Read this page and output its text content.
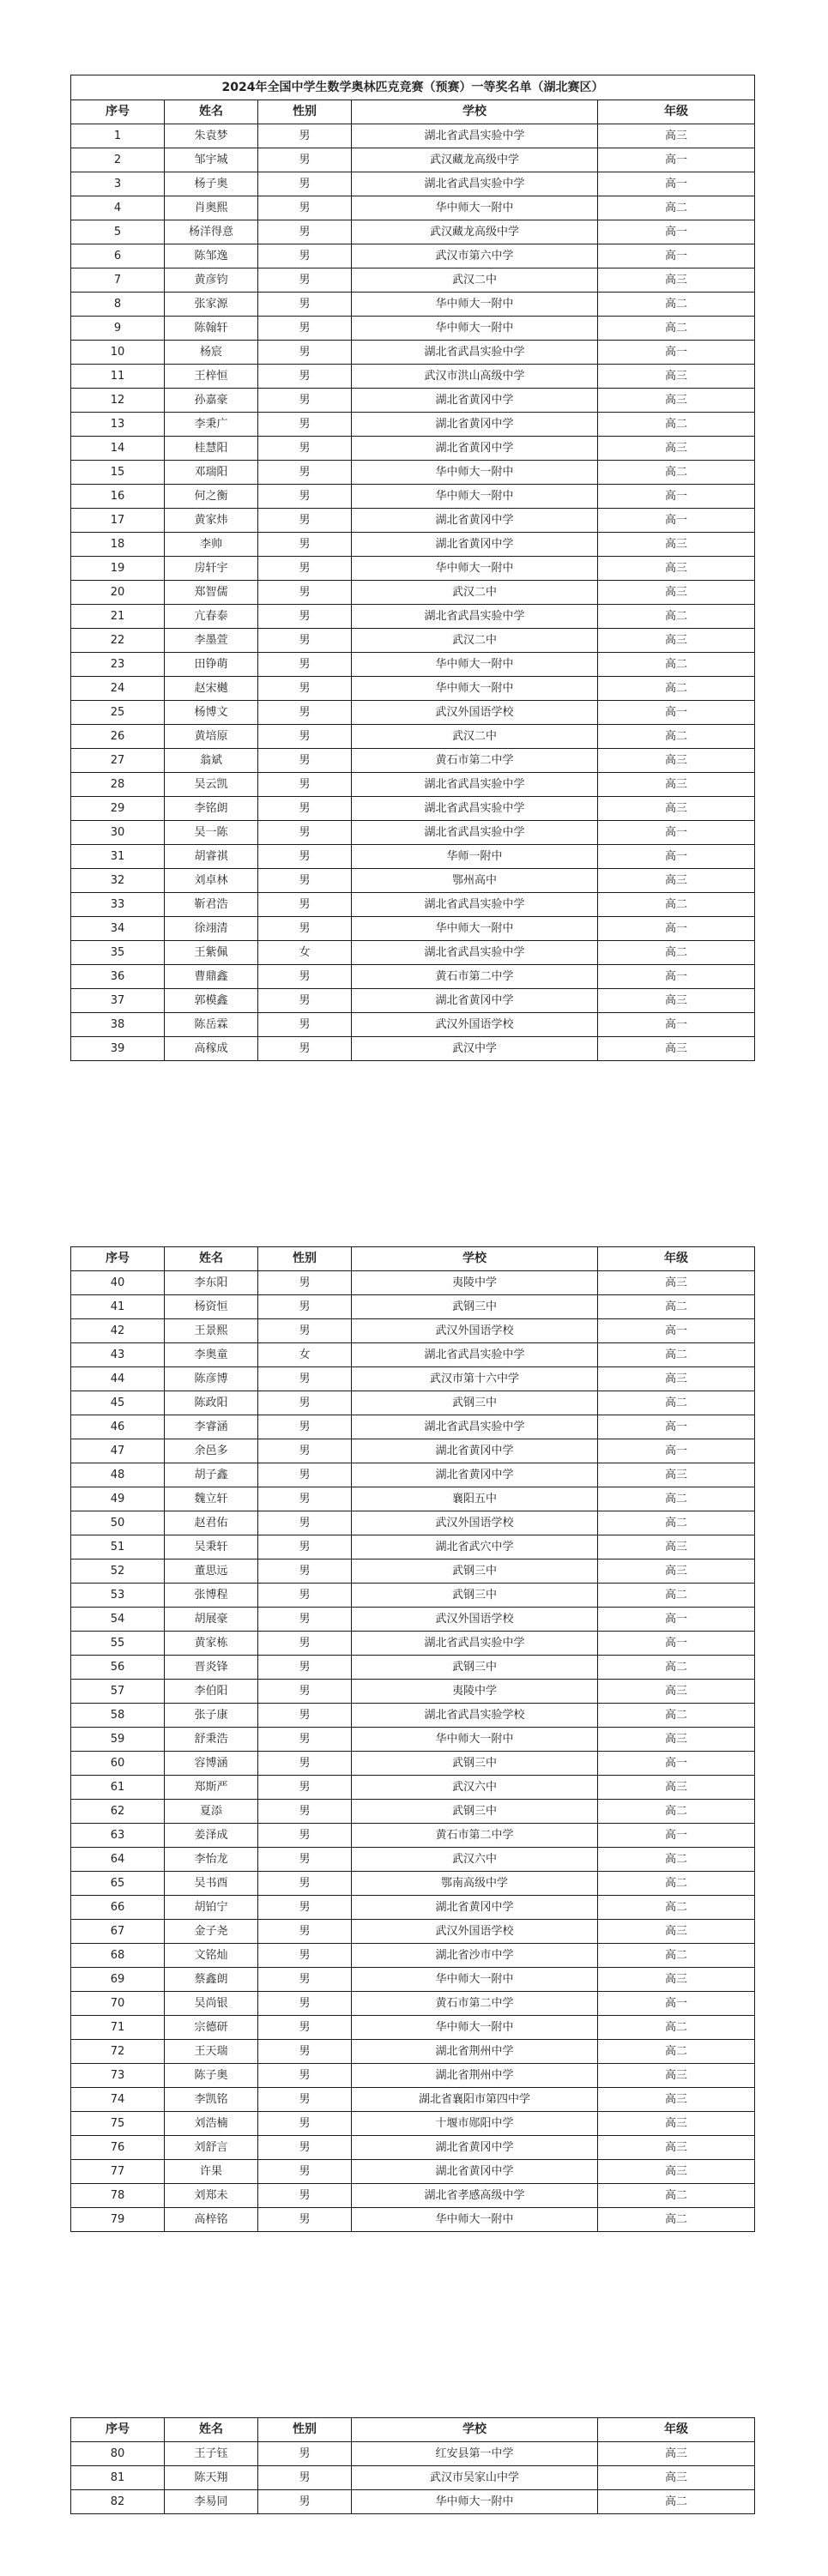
2024年全国中学生数学奥林匹克竞赛（预赛）一等奖名单（湖北赛区）				
序号	姓名	性别	学校	年级
1	朱袁梦	男	湖北省武昌实验中学	高三
2	邹宇城	男	武汉藏龙高级中学	高一
3	杨子奥	男	湖北省武昌实验中学	高一
4	肖奥熙	男	华中师大一附中	高二
5	杨洋得意	男	武汉藏龙高级中学	高一
6	陈邹逸	男	武汉市第六中学	高一
7	黄彦钧	男	武汉二中	高三
8	张家源	男	华中师大一附中	高二
9	陈翰轩	男	华中师大一附中	高二
10	杨宸	男	湖北省武昌实验中学	高一
11	王梓恒	男	武汉市洪山高级中学	高三
12	孙嘉豪	男	湖北省黄冈中学	高三
13	李秉广	男	湖北省黄冈中学	高二
14	桂慧阳	男	湖北省黄冈中学	高三
15	邓瑞阳	男	华中师大一附中	高二
16	何之衡	男	华中师大一附中	高一
17	黄家炜	男	湖北省黄冈中学	高一
18	李帅	男	湖北省黄冈中学	高三
19	房轩宇	男	华中师大一附中	高三
20	郑智儒	男	武汉二中	高三
21	亢春泰	男	湖北省武昌实验中学	高二
22	李墨萱	男	武汉二中	高三
23	田铮萌	男	华中师大一附中	高二
24	赵宋樾	男	华中师大一附中	高二
25	杨博文	男	武汉外国语学校	高一
26	黄培原	男	武汉二中	高二
27	翁斌	男	黄石市第二中学	高三
28	吴云凯	男	湖北省武昌实验中学	高三
29	李铭朗	男	湖北省武昌实验中学	高三
30	吴一陈	男	湖北省武昌实验中学	高一
31	胡睿祺	男	华师一附中	高一
32	刘卓林	男	鄂州高中	高三
33	靳君浩	男	湖北省武昌实验中学	高二
34	徐翊清	男	华中师大一附中	高一
35	王紫佩	女	湖北省武昌实验中学	高二
36	曹鼎鑫	男	黄石市第二中学	高一
37	郭模鑫	男	湖北省黄冈中学	高三
38	陈岳霖	男	武汉外国语学校	高一
39	高稼成	男	武汉中学	高三
序号	姓名	性别	学校	年级
40	李东阳	男	夷陵中学	高三
41	杨资恒	男	武钢三中	高二
42	王景熙	男	武汉外国语学校	高一
43	李奥童	女	湖北省武昌实验中学	高二
44	陈彦博	男	武汉市第十六中学	高三
45	陈政阳	男	武钢三中	高二
46	李睿涵	男	湖北省武昌实验中学	高一
47	余邑多	男	湖北省黄冈中学	高一
48	胡子鑫	男	湖北省黄冈中学	高三
49	魏立轩	男	襄阳五中	高二
50	赵君佑	男	武汉外国语学校	高二
51	吴秉轩	男	湖北省武穴中学	高三
52	董思远	男	武钢三中	高三
53	张博程	男	武钢三中	高二
54	胡展豪	男	武汉外国语学校	高一
55	黄家栋	男	湖北省武昌实验中学	高一
56	晋炎锋	男	武钢三中	高二
57	李伯阳	男	夷陵中学	高三
58	张子康	男	湖北省武昌实验学校	高二
59	舒秉浩	男	华中师大一附中	高三
60	容博涵	男	武钢三中	高一
61	郑斯严	男	武汉六中	高三
62	夏添	男	武钢三中	高二
63	姜泽成	男	黄石市第二中学	高一
64	李怡龙	男	武汉六中	高二
65	吴书酉	男	鄂南高级中学	高二
66	胡铂宁	男	湖北省黄冈中学	高二
67	金子尧	男	武汉外国语学校	高三
68	文铭灿	男	湖北省沙市中学	高二
69	蔡鑫朗	男	华中师大一附中	高三
70	吴尚银	男	黄石市第二中学	高一
71	宗德研	男	华中师大一附中	高二
72	王天瑞	男	湖北省荆州中学	高二
73	陈子奥	男	湖北省荆州中学	高三
74	李凯铭	男	湖北省襄阳市第四中学	高三
75	刘浩楠	男	十堰市郧阳中学	高三
76	刘舒言	男	湖北省黄冈中学	高三
77	许果	男	湖北省黄冈中学	高三
78	刘郑未	男	湖北省孝感高级中学	高二
79	高梓铭	男	华中师大一附中	高二
序号	姓名	性别	学校	年级
80	王子钰	男	红安县第一中学	高三
81	陈天翔	男	武汉市吴家山中学	高三
82	李易同	男	华中师大一附中	高二
